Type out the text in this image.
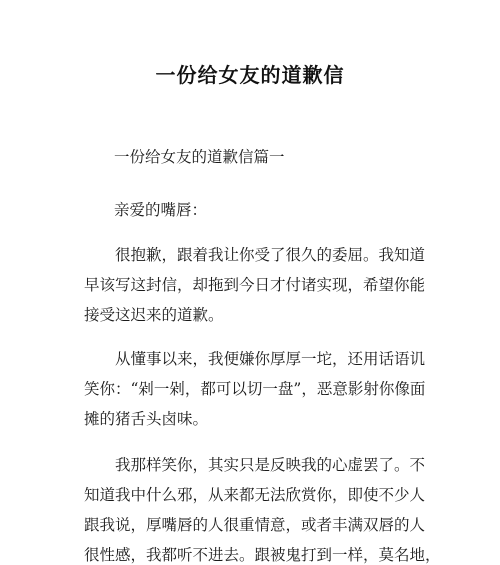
一份给女友的道歉信
一份给女友的道歉信篇一
亲爱的嘴唇：
很抱歉，跟着我让你受了很久的委屈。我知道
早该写这封信，却拖到今日才付诸实现，希望你能
接受这迟来的道歉。
从懂事以来，我便嫌你厚厚一坨，还用话语讥
笑你：“剁一剁，都可以切一盘”，恶意影射你像面
摊的猪舌头卤味。
我那样笑你，其实只是反映我的心虚罢了。不
知道我中什么邪，从来都无法欣赏你，即使不少人
跟我说，厚嘴唇的人很重情意，或者丰满双唇的人
很性感，我都听不进去。跟被鬼打到一样，莫名地，
